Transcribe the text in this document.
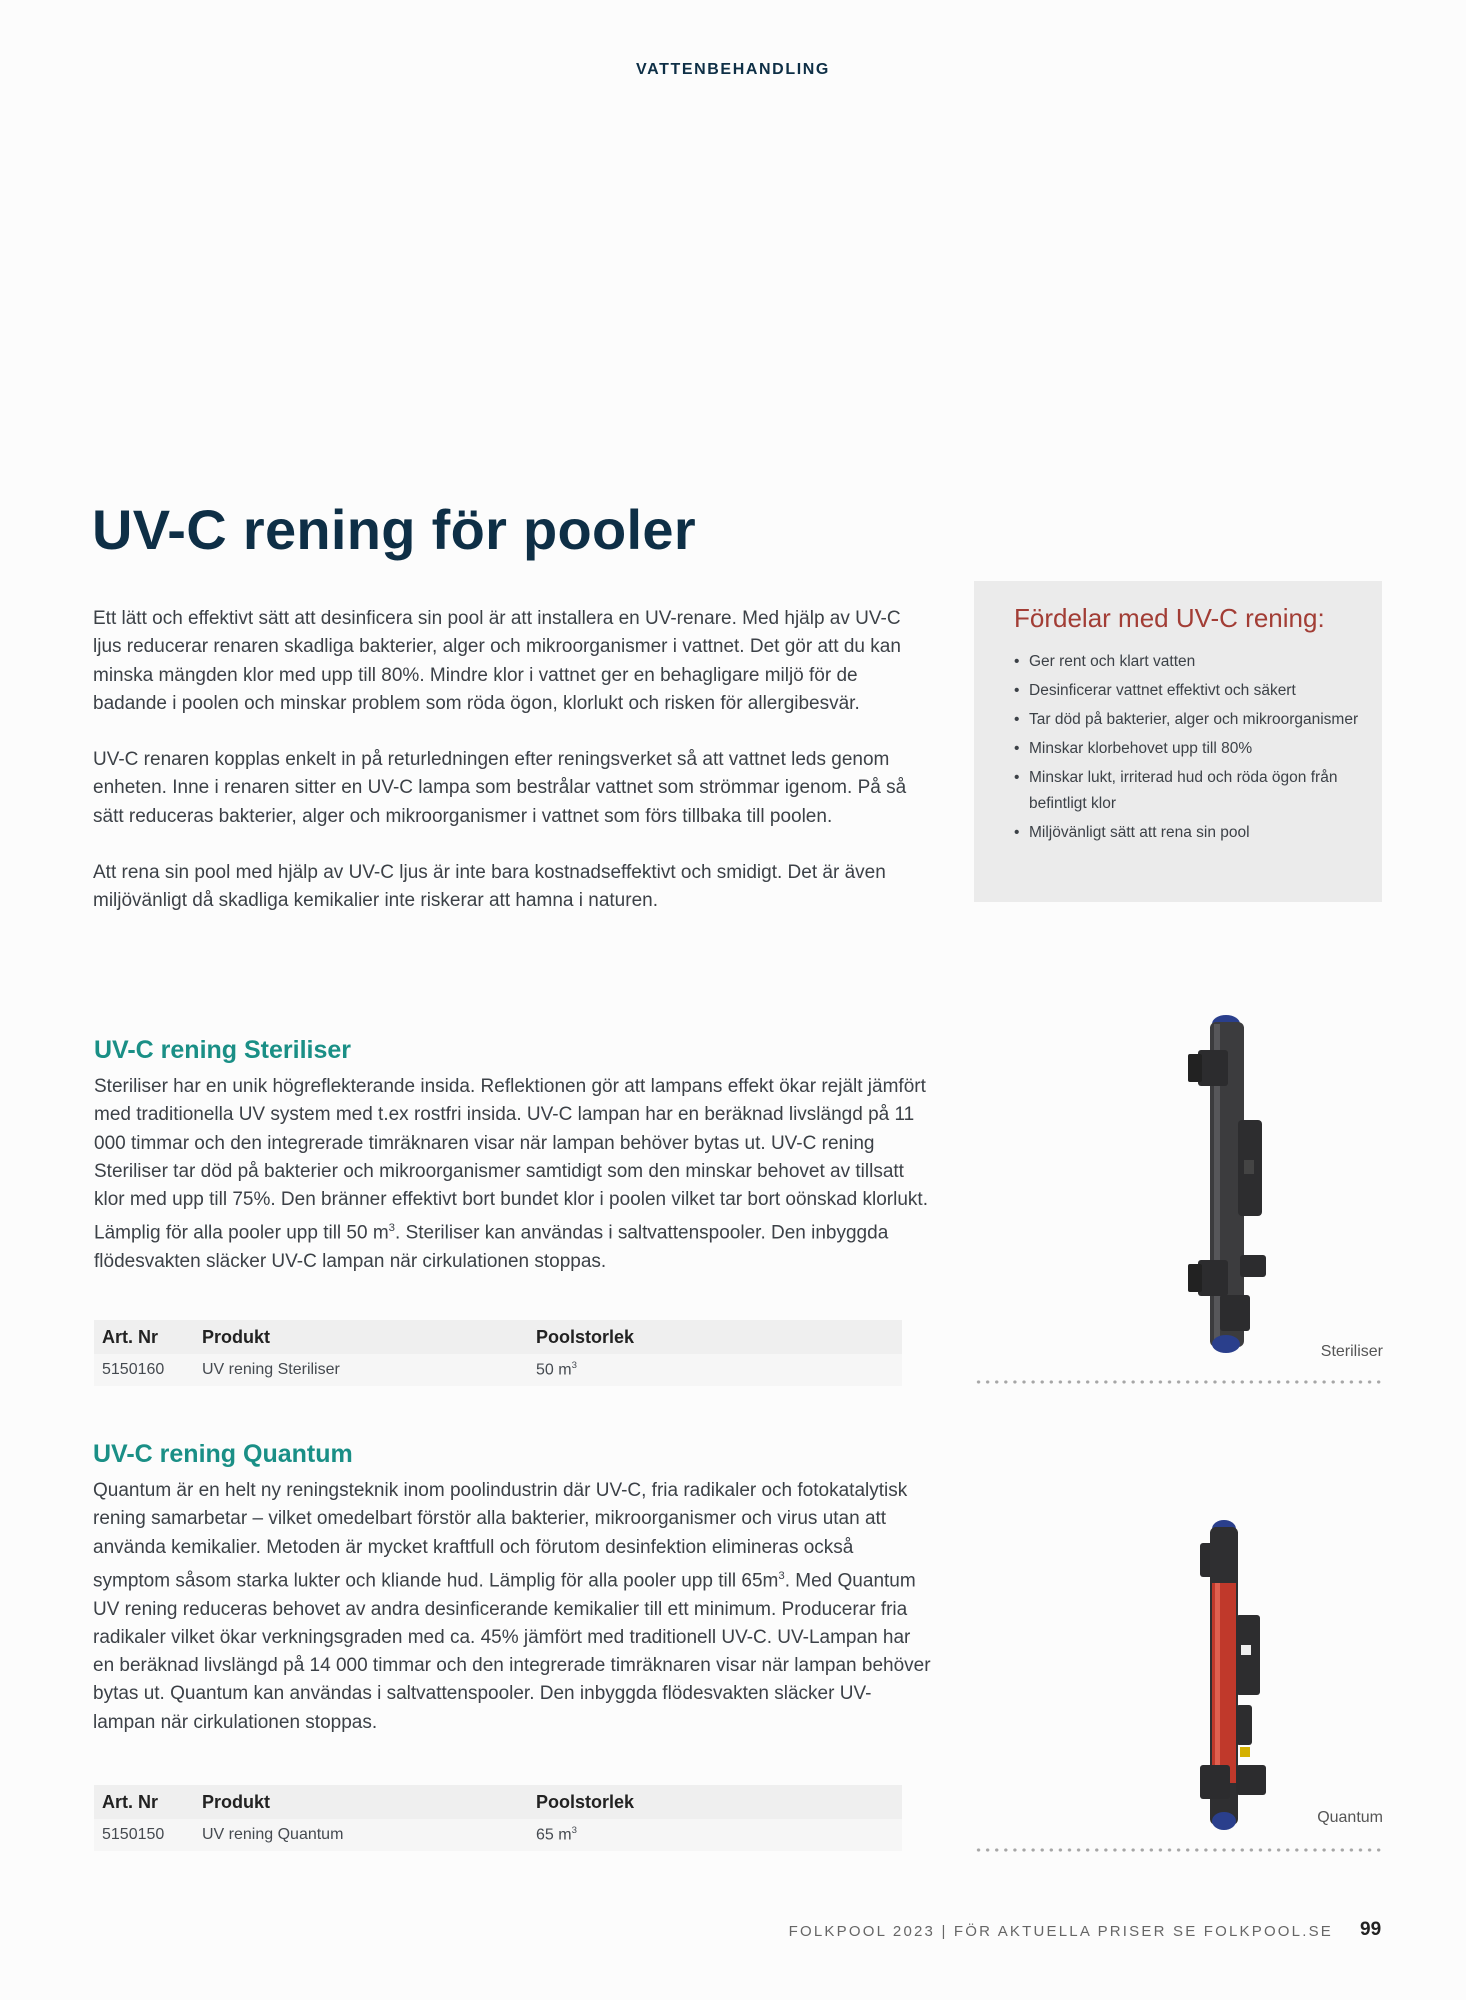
VATTENBEHANDLING
UV-C rening för pooler

Ett lätt och effektivt sätt att desinficera sin pool är att installera en UV-renare. Med hjälp av UV-C ljus reducerar renaren skadliga bakterier, alger och mikroorganismer i vattnet. Det gör att du kan minska mängden klor med upp till 80%. Mindre klor i vattnet ger en behagligare miljö för de badande i poolen och minskar problem som röda ögon, klorlukt och risken för allergibesvär.

UV-C renaren kopplas enkelt in på returledningen efter reningsverket så att vattnet leds genom enheten. Inne i renaren sitter en UV-C lampa som bestrålar vattnet som strömmar igenom. På så sätt reduceras bakterier, alger och mikroorganismer i vattnet som förs tillbaka till poolen.

Att rena sin pool med hjälp av UV-C ljus är inte bara kostnadseffektivt och smidigt. Det är även miljövänligt då skadliga kemikalier inte riskerar att hamna i naturen.

Fördelar med UV-C rening:
• Ger rent och klart vatten
• Desinficerar vattnet effektivt och säkert
• Tar död på bakterier, alger och mikroorganismer
• Minskar klorbehovet upp till 80%
• Minskar lukt, irriterad hud och röda ögon från befintligt klor
• Miljövänligt sätt att rena sin pool
UV-C rening Steriliser
Steriliser har en unik högreflekterande insida. Reflektionen gör att lampans effekt ökar rejält jämfört med traditionella UV system med t.ex rostfri insida. UV-C lampan har en beräknad livslängd på 11 000 timmar och den integrerade timräknaren visar när lampan behöver bytas ut. UV-C rening Steriliser tar död på bakterier och mikroorganismer samtidigt som den minskar behovet av tillsatt klor med upp till 75%. Den bränner effektivt bort bundet klor i poolen vilket tar bort oönskad klorlukt. Lämplig för alla pooler upp till 50 $m^3$. Steriliser kan användas i saltvattenspooler. Den inbyggda flödesvakten släcker UV-C lampan när cirkulationen stoppas.
Art. Nr	Produkt	Poolstorlek
5150160	UV rening Steriliser	50 $m^3$
Steriliser
UV-C rening Quantum
Quantum är en helt ny reningsteknik inom poolindustrin där UV-C, fria radikaler och fotokatalytisk rening samarbetar – vilket omedelbart förstör alla bakterier, mikroorganismer och virus utan att använda kemikalier. Metoden är mycket kraftfull och förutom desinfektion elimineras också symptom såsom starka lukter och kliande hud. Lämplig för alla pooler upp till $65m^3$. Med Quantum UV rening reduceras behovet av andra desinficerande kemikalier till ett minimum. Producerar fria radikaler vilket ökar verkningsgraden med ca. 45% jämfört med traditionell UV-C. UV-Lampan har en beräknad livslängd på 14 000 timmar och den integrerade timräknaren visar när lampan behöver bytas ut. Quantum kan användas i saltvattenspooler. Den inbyggda flödesvakten släcker UV-lampan när cirkulationen stoppas.
Art. Nr	Produkt	Poolstorlek
5150150	UV rening Quantum	65 $m^3$
Quantum
FOLKPOOL 2023 | FÖR AKTUELLA PRISER SE FOLKPOOL.SE 99
